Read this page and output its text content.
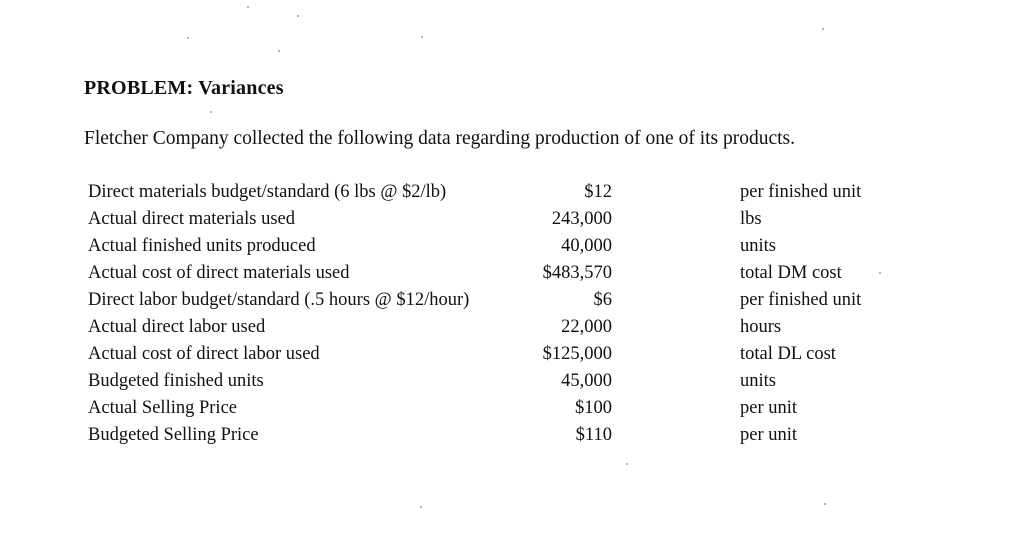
PROBLEM: Variances
Fletcher Company collected the following data regarding production of one of its products.
Direct materials budget/standard (6 lbs @ $2/lb)	$12	per finished unit
Actual direct materials used	243,000	lbs
Actual finished units produced	40,000	units
Actual cost of direct materials used	$483,570	total DM cost
Direct labor budget/standard (.5 hours @ $12/hour)	$6	per finished unit
Actual direct labor used	22,000	hours
Actual cost of direct labor used	$125,000	total DL cost
Budgeted finished units	45,000	units
Actual Selling Price	$100	per unit
Budgeted Selling Price	$110	per unit
